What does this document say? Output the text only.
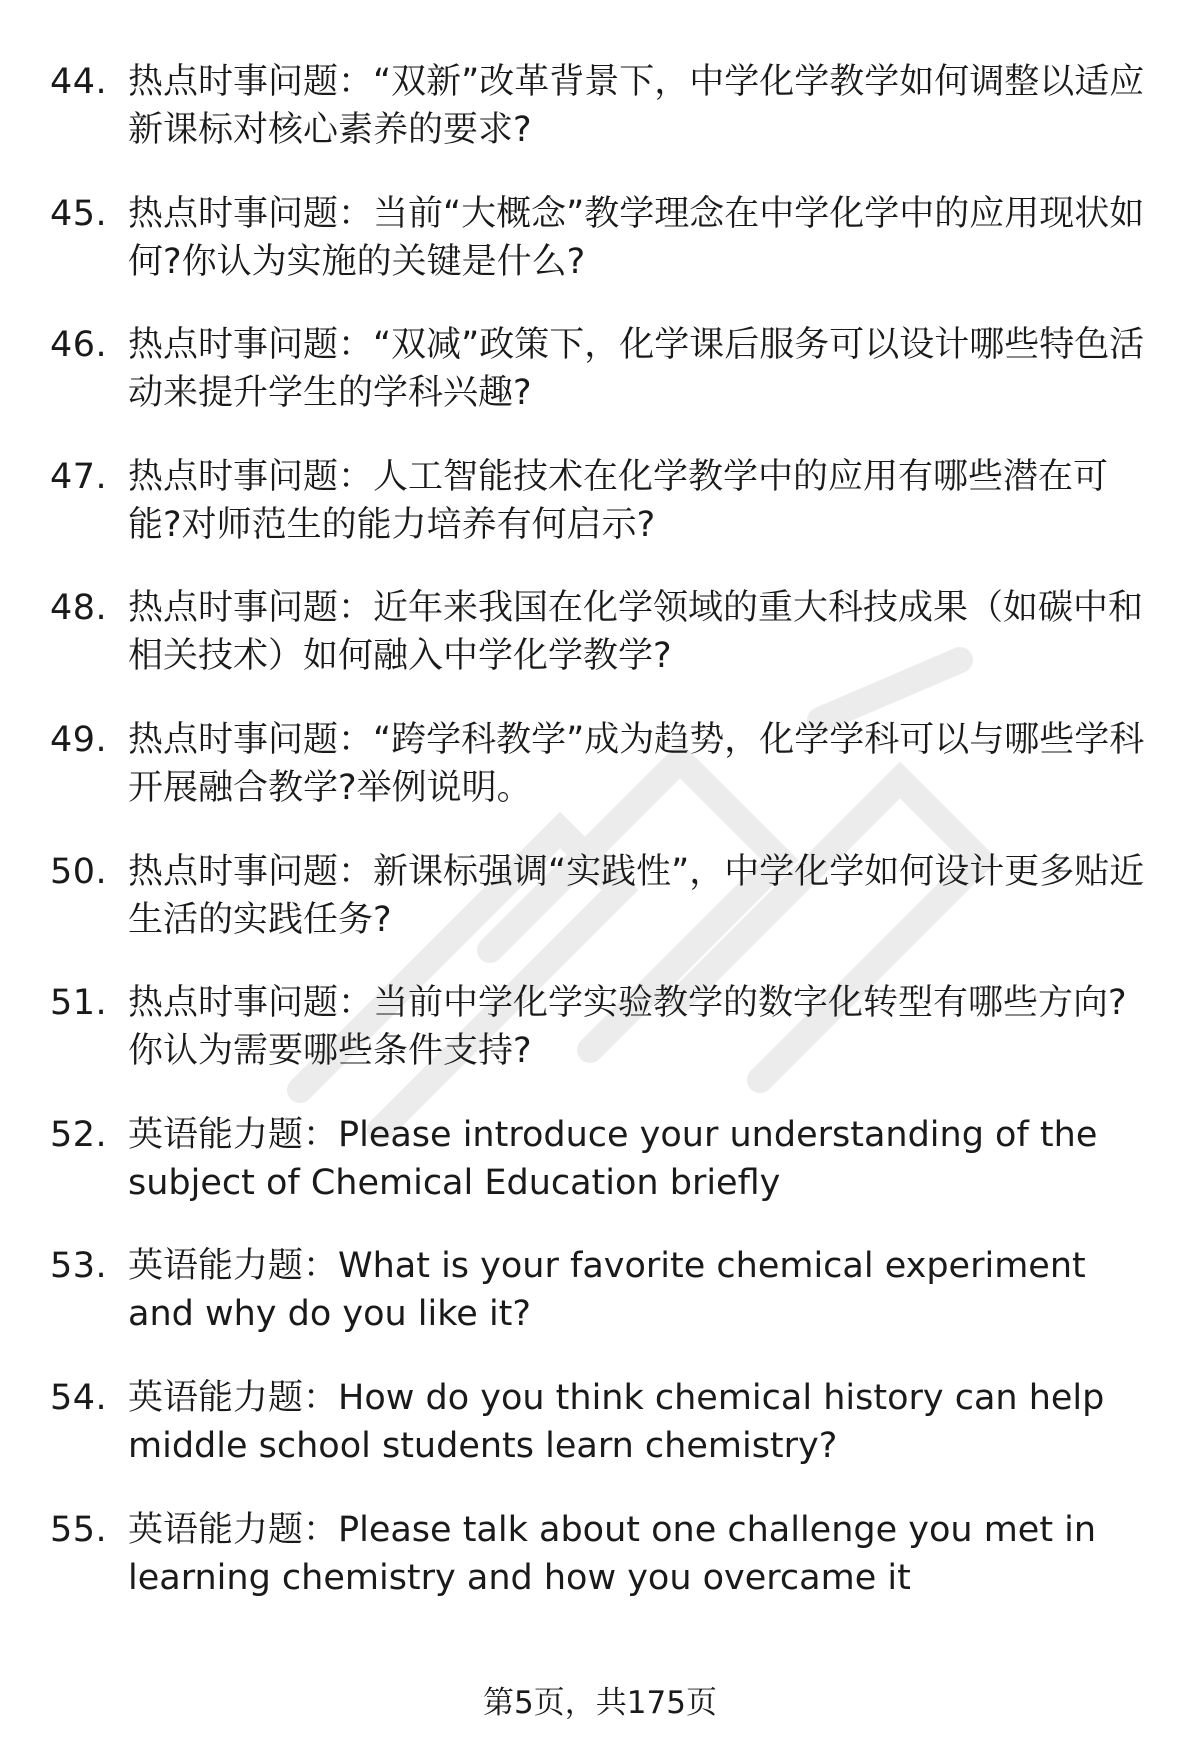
44. 热点时事问题：“双新”改革背景下，中学化学教学如何调整以适应新课标对核心素养的要求?
45. 热点时事问题：当前“大概念”教学理念在中学化学中的应用现状如何?你认为实施的关键是什么?
46. 热点时事问题：“双减”政策下，化学课后服务可以设计哪些特色活动来提升学生的学科兴趣?
47. 热点时事问题：人工智能技术在化学教学中的应用有哪些潜在可能?对师范生的能力培养有何启示?
48. 热点时事问题：近年来我国在化学领域的重大科技成果（如碳中和相关技术）如何融入中学化学教学?
49. 热点时事问题：“跨学科教学”成为趋势，化学学科可以与哪些学科开展融合教学?举例说明。
50. 热点时事问题：新课标强调“实践性”，中学化学如何设计更多贴近生活的实践任务?
51. 热点时事问题：当前中学化学实验教学的数字化转型有哪些方向?你认为需要哪些条件支持?
52. 英语能力题：Please introduce your understanding of the subject of Chemical Education briefly
53. 英语能力题：What is your favorite chemical experiment and why do you like it?
54. 英语能力题：How do you think chemical history can help middle school students learn chemistry?
55. 英语能力题：Please talk about one challenge you met in learning chemistry and how you overcame it
第5页，共175页
